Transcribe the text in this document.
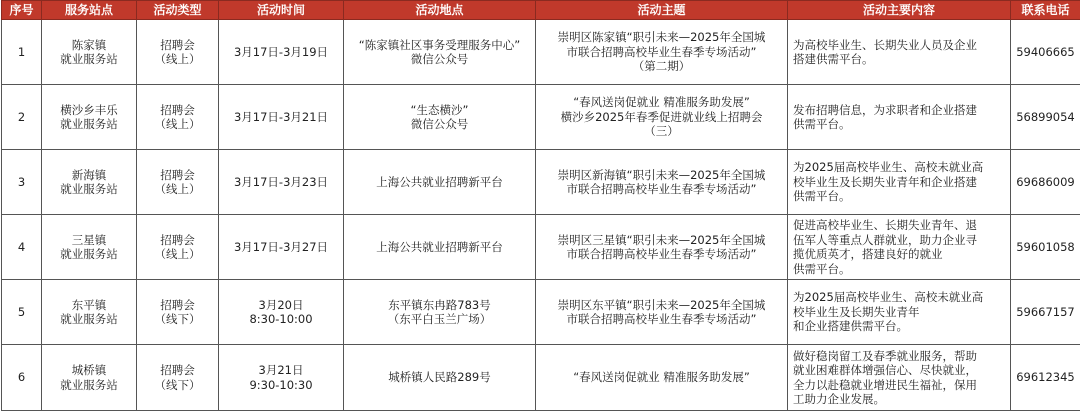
序号	服务站点	活动类型	活动时间	活动地点	活动主题	活动主要内容	联系电话
1	陈家镇
就业服务站	招聘会
（线上）	3月17日-3月19日	“陈家镇社区事务受理服务中心”
微信公众号	崇明区陈家镇“职引未来—2025年全国城
市联合招聘高校毕业生春季专场活动”
（第二期）	为高校毕业生、长期失业人员及企业
搭建供需平台。	59406665
2	横沙乡丰乐
就业服务站	招聘会
（线上）	3月17日-3月21日	“生态横沙”
微信公众号	“春风送岗促就业 精准服务助发展”
横沙乡2025年春季促进就业线上招聘会
（三）	发布招聘信息，为求职者和企业搭建
供需平台。	56899054
3	新海镇
就业服务站	招聘会
（线上）	3月17日-3月23日	上海公共就业招聘新平台	崇明区新海镇“职引未来—2025年全国城
市联合招聘高校毕业生春季专场活动”	为2025届高校毕业生、高校未就业高
校毕业生及长期失业青年和企业搭建
供需平台。	69686009
4	三星镇
就业服务站	招聘会
（线上）	3月17日-3月27日	上海公共就业招聘新平台	崇明区三星镇“职引未来—2025年全国城
市联合招聘高校毕业生春季专场活动”	促进高校毕业生、长期失业青年、退
伍军人等重点人群就业，助力企业寻
揽优质英才，搭建良好的就业
供需平台。	59601058
5	东平镇
就业服务站	招聘会
（线下）	3月20日
8:30-10:00	东平镇东冉路783号
（东平白玉兰广场）	崇明区东平镇“职引未来—2025年全国城
市联合招聘高校毕业生春季专场活动”	为2025届高校毕业生、高校未就业高
校毕业生及长期失业青年
和企业搭建供需平台。	59667157
6	城桥镇
就业服务站	招聘会
（线下）	3月21日
9:30-10:30	城桥镇人民路289号	“春风送岗促就业 精准服务助发展”	做好稳岗留工及春季就业服务，帮助
就业困难群体增强信心、尽快就业，
全力以赴稳就业增进民生福祉，保用
工助力企业发展。	69612345
